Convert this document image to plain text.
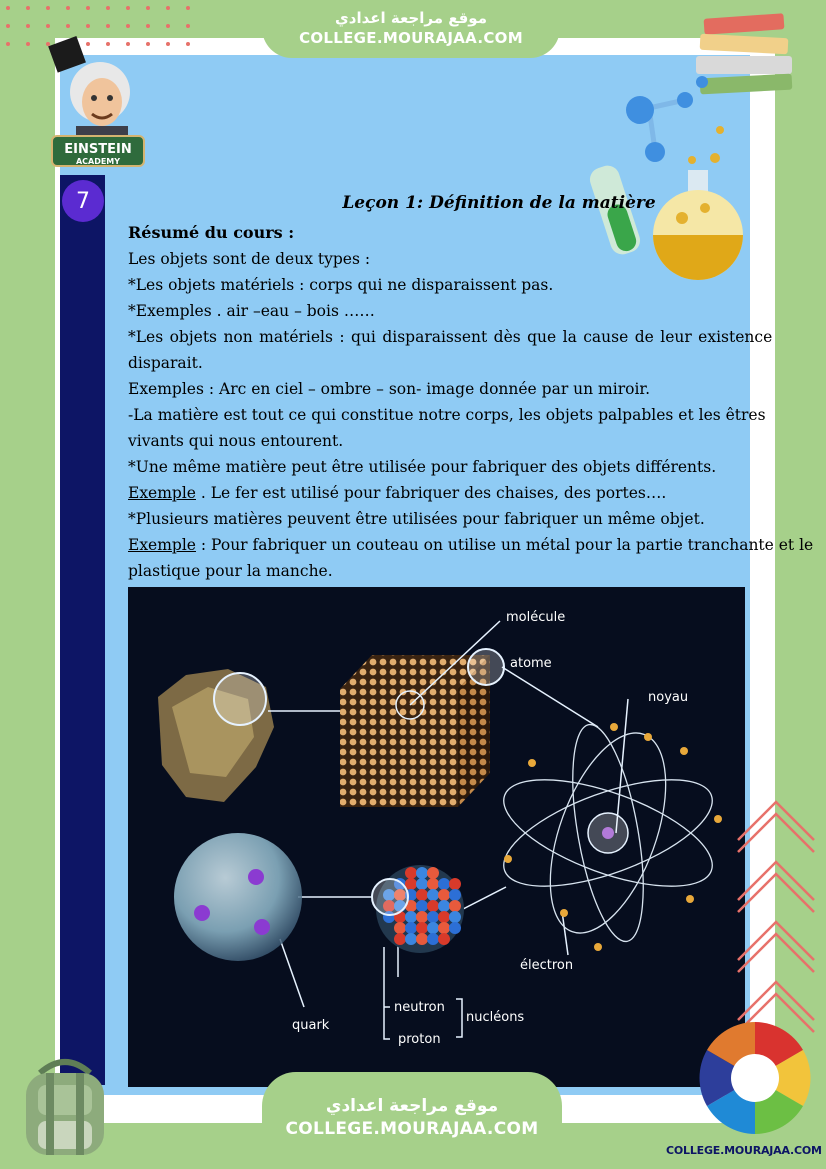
موقع مراجعة اعدادي
COLLEGE.MOURAJAA.COM
EINSTEIN
ACADEMY
7	Leçon 1: Définition de la matière

Résumé du cours :

Les objets sont de deux types :

*Les objets matériels : corps qui ne disparaissent pas.

*Exemples . air –eau – bois ……

*Les objets non matériels : qui disparaissent dès que la cause de leur existence

disparait.

Exemples : Arc en ciel – ombre – son- image donnée par un miroir.

-La matière est tout ce qui constitue notre corps, les objets palpables et les êtres

vivants qui nous entourent.

*Une même matière peut être utilisée pour fabriquer des objets différents.

Exemple . Le fer est utilisé pour fabriquer des chaises, des portes….

*Plusieurs matières peuvent être utilisées pour fabriquer un même objet.

Exemple : Pour fabriquer un couteau on utilise un métal pour la partie tranchante et le

plastique pour la manche.

molécule
atome
noyau
électron
neutron
proton
nucléons
quark
COLLEGE.MOURAJAA.COM
موقع مراجعة اعدادي
COLLEGE.MOURAJAA.COM
